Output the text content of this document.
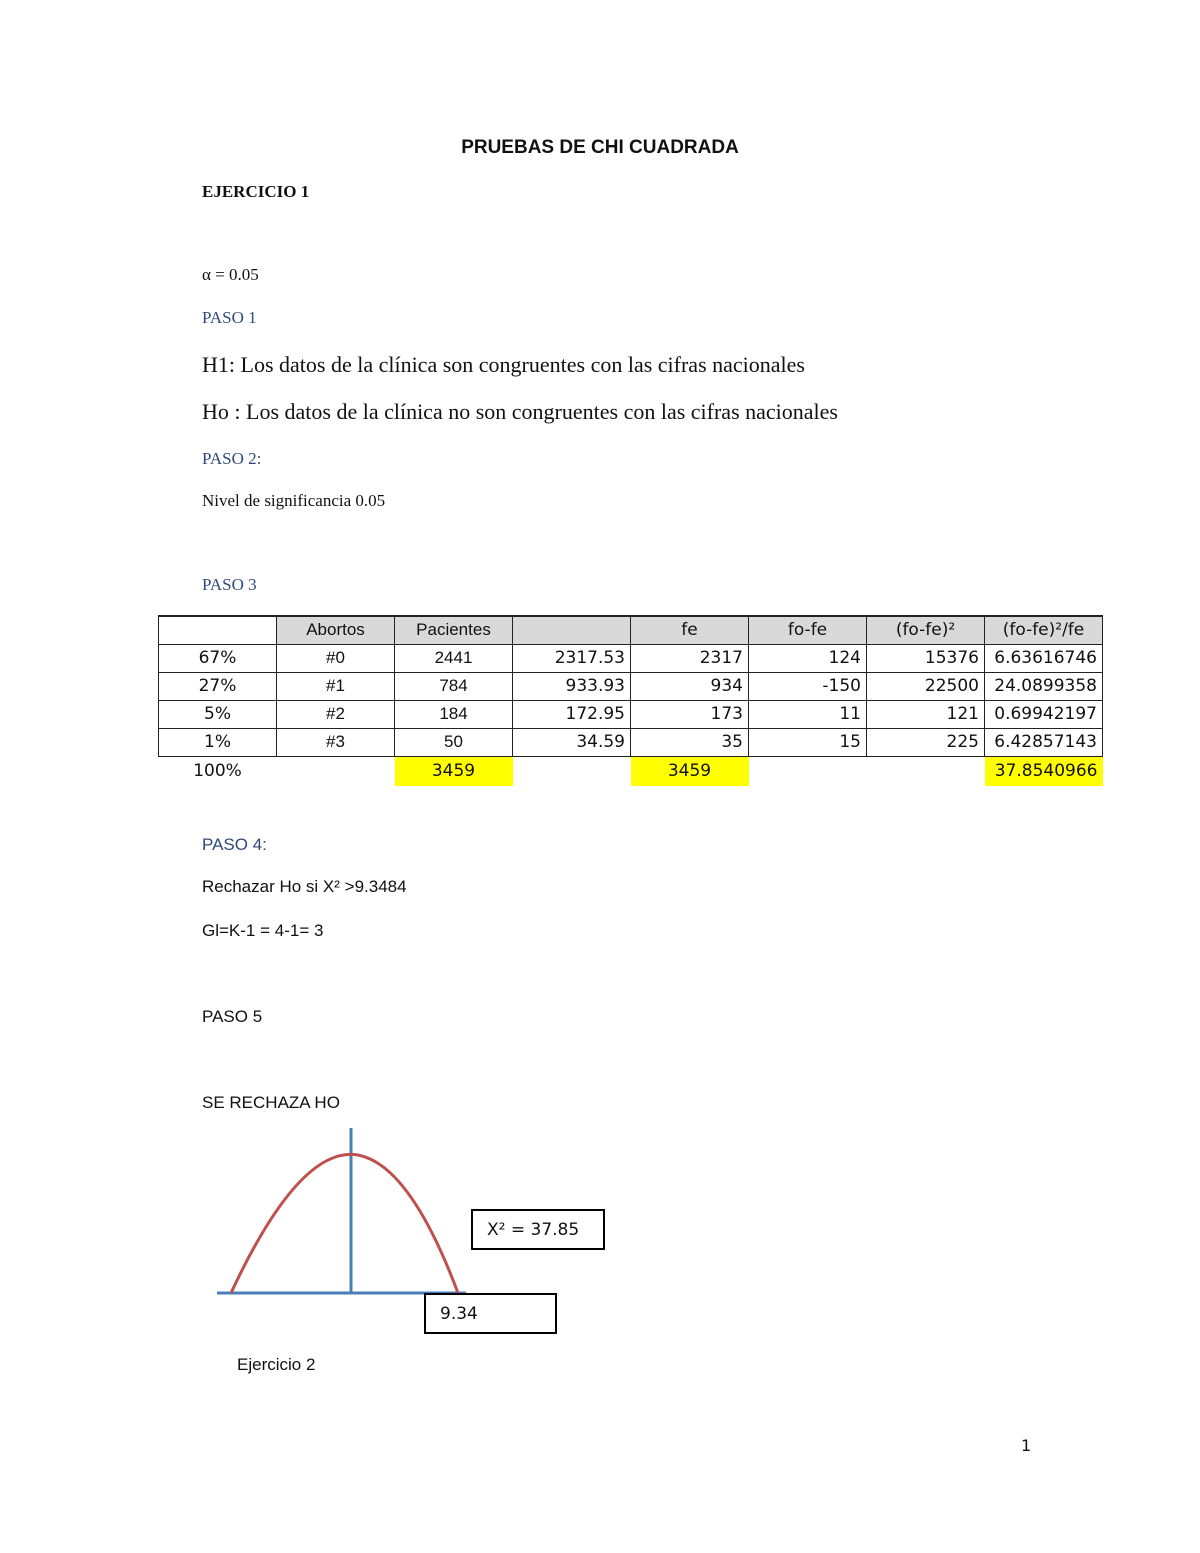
PRUEBAS DE CHI CUADRADA
EJERCICIO 1
α = 0.05
PASO 1
H1: Los datos de la clínica son congruentes con las cifras nacionales
Ho : Los datos de la clínica no son congruentes con las cifras nacionales
PASO 2:
Nivel de significancia 0.05
PASO 3
	Abortos	Pacientes		fe	fo-fe	(fo-fe)²	(fo-fe)²/fe
67%	#0	2441	2317.53	2317	124	15376	6.63616746
27%	#1	784	933.93	934	-150	22500	24.0899358
5%	#2	184	172.95	173	11	121	0.69942197
1%	#3	50	34.59	35	15	225	6.42857143
100%		3459		3459			37.8540966
PASO 4:
Rechazar Ho si X² >9.3484
Gl=K-1 = 4-1= 3
PASO 5
SE RECHAZA HO
X² = 37.85
9.34
Ejercicio 2
1
